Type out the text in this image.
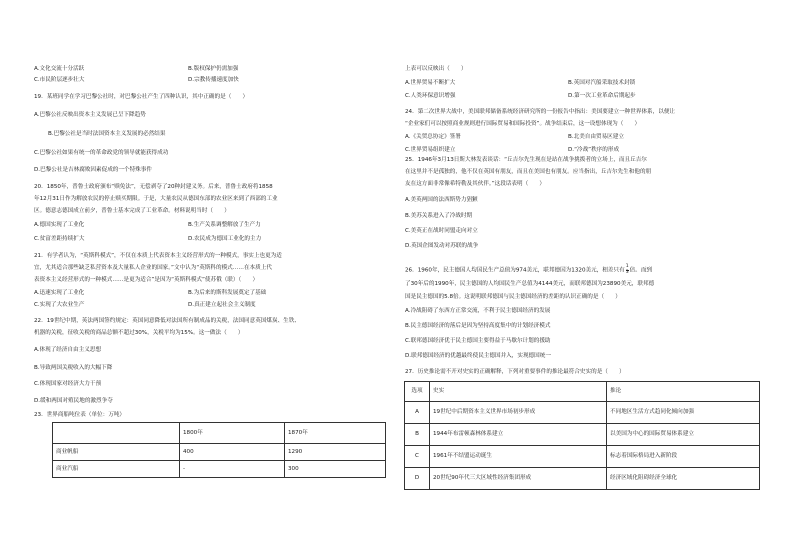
A.文化交流十分活跃	B.版权保护仍需加强
C.市民阶层逐步壮大	D.宗教传播速度加快
19．某班同学在学习巴黎公社时，对巴黎公社产生了四种认识，其中正确的是（　　）
A.巴黎公社反映出资本主义发展已呈下降趋势
B.巴黎公社是当时法国资本主义发展的必然结果
C.巴黎公社如果有统一的革命政党的领导就能获得成功
D.巴黎公社是吉林腐败因素促成的一个特殊事件
20．1850年，普鲁士政府颁布“赎免法”，无偿剥夺了20种封建义务。后来，普鲁士政府将1858
年12月31日作为解放农民的停止赎买期限。于是，大量农民从德国东部的农业区来到了西部的工业
区。德意志德国成立前夕，普鲁士基本完成了工业革命。材料说明当时（　　）
A.德国实现了工业化	B.生产关系调整解放了生产力
C.贫富差距持续扩大	D.农民成为德国工业化的主力
21．有学者认为，“英斯科模式”，不仅在本质上代表资本主义经营形式的一种模式，事实上也更为适
宜，尤其适合那些缺乏私营资本及大量私人企业的国家。”文中认为“英斯科的模式……在本质上代
表资本主义经营形式的一种模式……是更为适合”是因为“英斯科模式”使苏俄（联）（　　）
A.迅速实现了工业化	B.为后来的斯科发展奠定了基础
C.实现了大农业生产	D.真正建立起社会主义制度
22．19世纪中期，英法两国签约规定：英国同意降低对法国所有制成品的关税，法国同意英国煤炭、生铁、
机器的关税，征收关税的商品总额不超过30%，关税平均为15%。这一做法（　　）
A.体现了经济自由主义思想
B.导致两国关税收入的大幅下降
C.体现国家对经济大力干预
D.缓和两国对殖民地的激烈争夺
23．世界商船吨位表（单位：万吨）
	1800年	1870年
商业帆船	400	1290
商业汽船	-	300
上表可以反映出（　　）
A.世界贸易不断扩大	B.英国对汽船采取技术封锁
C.人类环保意识增强	D.第一次工业革命后期起步
24．第二次世界大战中，美国联邦储备系统经济研究所的一份报告中指出：美国要建立一种世界体系，以便让
“企业家们可以按照商业规则进行国际贸易和国际投资”。战争结束后，这一设想体现为（　　）
A.《关贸总协定》签署	B.北美自由贸易区建立
C.世界贸易组织建立	D.“冷战”秩序的形成
25．1946年3月13日斯大林发表谈话：“丘吉尔先生现在是站在战争挑拨者的立场上，而且丘吉尔
在这里并不是孤独的，他不仅在英国有朋友，而且在美国也有朋友。应当指出，丘吉尔先生和他的朋
友在这方面非常像希特勒及其伙伴。”这段话表明（　　）
A.美英两国的法西斯势力猖獗
B.美苏关系进入了冷战时期
C.美英正在战时同盟走向对立
D.英国企图发动对苏联的战争
26．1960年，民主德国人均国民生产总值为974美元，联邦德国为1320美元，相差只有 $\frac{1}{3}$ 倍。而到
了30年后的1990年，民主德国的人均国民生产总值为4144美元，而联邦德国为23890美元，联邦德
国是民主德国的5.8倍。这说明联邦德国与民主德国经济的差距的认识正确的是（　　）
A.冷战阻碍了东西方正常交流，不利于民主德国经济的发展
B.民主德国经济的落后是因为坚持高度集中的计划经济模式
C.联邦德国经济优于民主德国主要得益于马歇尔计划的援助
D.联邦德国经济的优越最终使民主德国并入，实现德国统一
27．历史推论需不开对史实的正确解释，下列对重要事件的推论最符合史实的是（　　）
选项	史实	推论
A	19世纪中后期资本主义世界市场初步形成	不同地区生活方式趋同化倾向加强
B	1944年布雷顿森林体系建立	以美国为中心的国际贸易体系建立
C	1961年不结盟运动诞生	标志着国际格局进入新阶段
D	20世纪90年代三大区域性经济集团形成	经济区域化阻碍经济全球化
